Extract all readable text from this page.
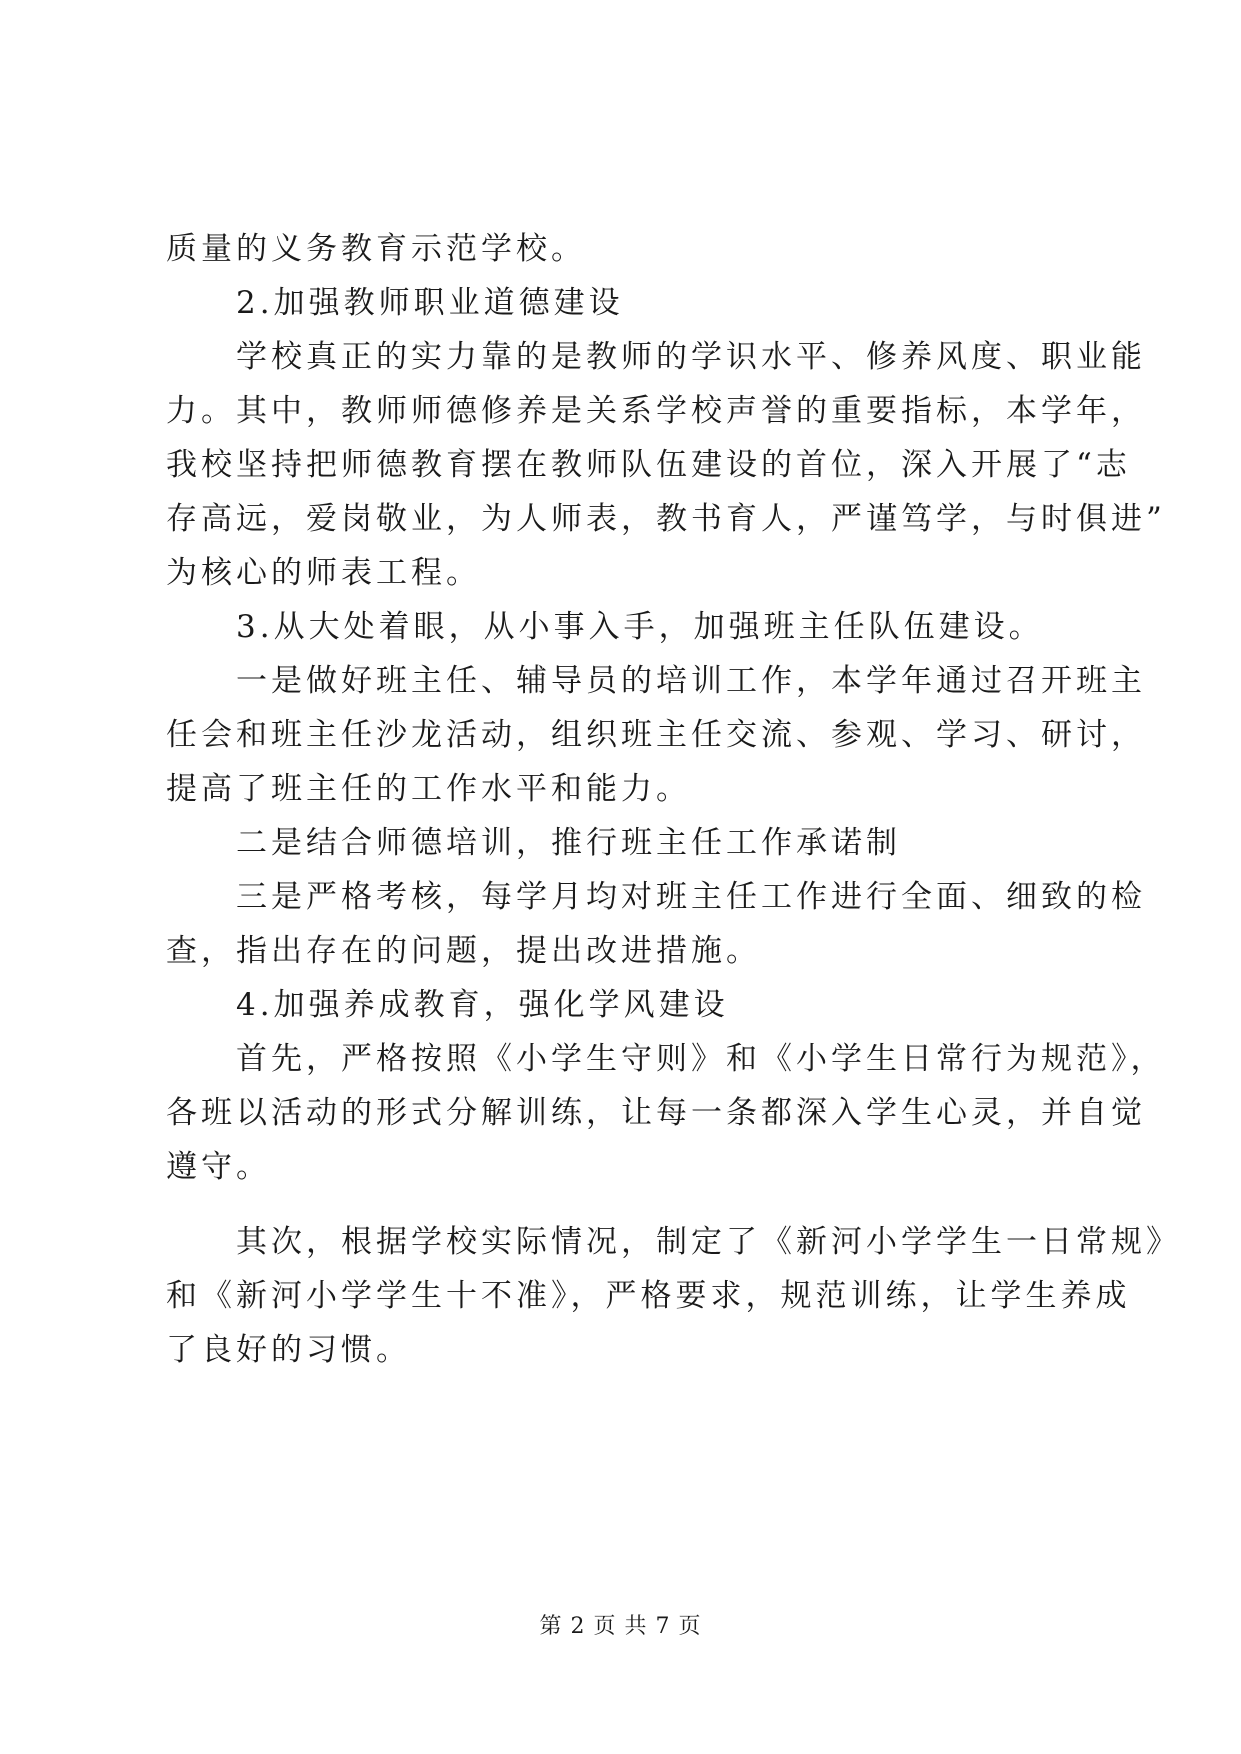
质量的义务教育示范学校。
　　2.加强教师职业道德建设
　　学校真正的实力靠的是教师的学识水平、修养风度、职业能
力。其中，教师师德修养是关系学校声誉的重要指标，本学年，
我校坚持把师德教育摆在教师队伍建设的首位，深入开展了“志
存高远，爱岗敬业，为人师表，教书育人，严谨笃学，与时俱进”
为核心的师表工程。
　　3.从大处着眼，从小事入手，加强班主任队伍建设。
　　一是做好班主任、辅导员的培训工作，本学年通过召开班主
任会和班主任沙龙活动，组织班主任交流、参观、学习、研讨，
提高了班主任的工作水平和能力。
　　二是结合师德培训，推行班主任工作承诺制
　　三是严格考核，每学月均对班主任工作进行全面、细致的检
查，指出存在的问题，提出改进措施。
　　4.加强养成教育，强化学风建设
　　首先，严格按照《小学生守则》和《小学生日常行为规范》，
各班以活动的形式分解训练，让每一条都深入学生心灵，并自觉
遵守。
　　其次，根据学校实际情况，制定了《新河小学学生一日常规》
和《新河小学学生十不准》，严格要求，规范训练，让学生养成
了良好的习惯。
第 2 页 共 7 页
